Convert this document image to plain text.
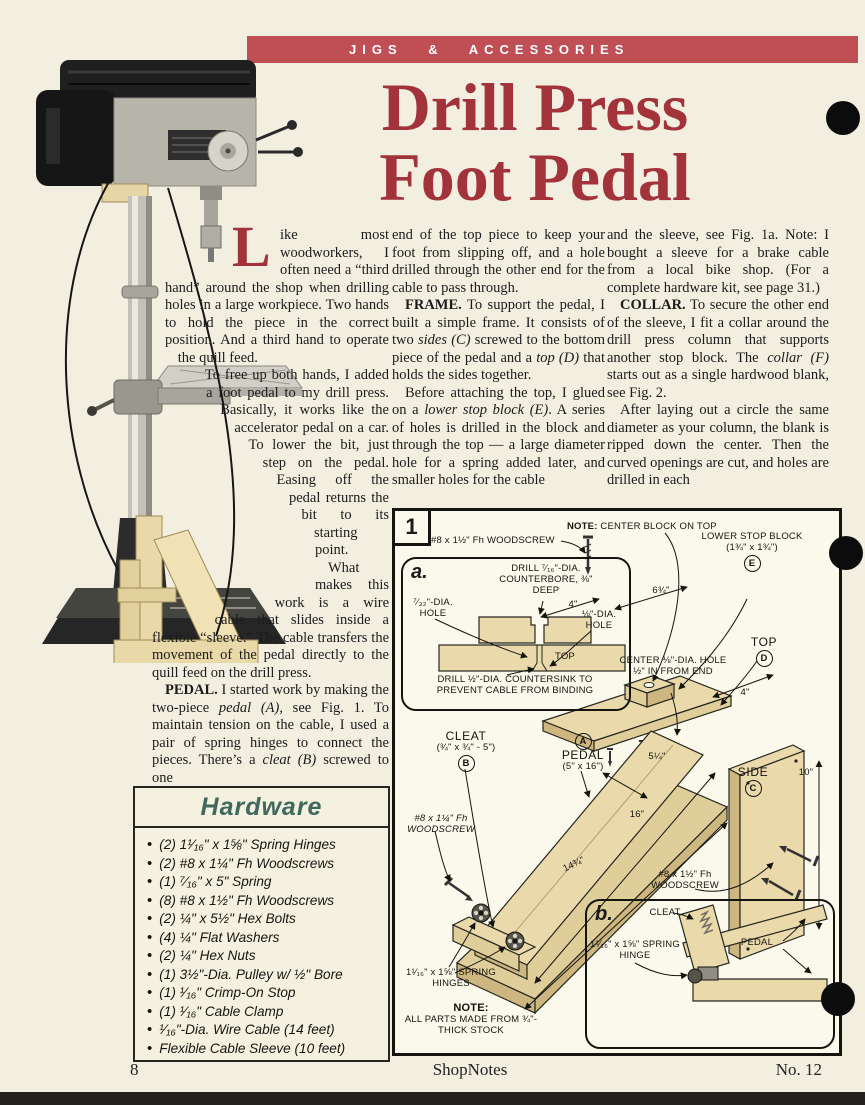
JIGS & ACCESSORIES
Drill Press
Foot Pedal
L ike most woodworkers, I often need a “third hand” around the shop when drilling holes in a large workpiece. Two hands to hold the piece in the correct position. And a third hand to operate the quill feed.

To free up both hands, I added a foot pedal to my drill press. Basically, it works like the accelerator pedal on a car. To lower the bit, just step on the pedal. Easing off the pedal returns the bit to its starting point.

What makes this work is a wire cable that slides inside a flexible “sleeve.” The cable transfers the movement of the pedal directly to the quill feed on the drill press.

PEDAL. I started work by making the two-piece pedal (A), see Fig. 1. To maintain tension on the cable, I used a pair of spring hinges to connect the pieces. There’s a cleat (B) screwed to one

end of the top piece to keep your foot from slipping off, and a hole drilled through the other end for the cable to pass through.

FRAME. To support the pedal, I built a simple frame. It consists of two sides (C) screwed to the bottom piece of the pedal and a top (D) that holds the sides together.

Before attaching the top, I glued on a lower stop block (E). A series of holes is drilled in the block and through the top — a large diameter hole for a spring added later, and smaller holes for the cable

and the sleeve, see Fig. 1a. Note: I bought a sleeve for a brake cable from a local bike shop. (For a complete hardware kit, see page 31.)

COLLAR. To secure the other end of the sleeve, I fit a collar around the drill press column that supports another stop block. The collar (F) starts out as a single hardwood blank, see Fig. 2.

After laying out a circle the same diameter as your column, the blank is ripped down the center. Then the curved openings are cut, and holes are drilled in each

Hardware
• (2) 1¹⁄₁₆" x 1⅝" Spring Hinges
• (2) #8 x 1¼" Fh Woodscrews
• (1) ⁷⁄₁₆" x 5" Spring
• (8) #8 x 1½" Fh Woodscrews
• (2) ¼" x 5½" Hex Bolts
• (4) ¼" Flat Washers
• (2) ¼" Hex Nuts
• (1) 3½"-Dia. Pulley w/ ½" Bore
• (1) ¹⁄₁₆" Crimp-On Stop
• (1) ¹⁄₁₆" Cable Clamp
• ¹⁄₁₆"-Dia. Wire Cable (14 feet)
• Flexible Cable Sleeve (10 feet)
1
a.
b.
#8 x 1½" Fh WOODSCREW
NOTE: CENTER BLOCK ON TOP
LOWER STOP BLOCK
(1¾" x 1¾")
E
TOP
D
4"
6¾"
CENTER ⅛"-DIA. HOLE ½" IN FROM END
4"
DRILL ⁷⁄₁₆"-DIA. COUNTERBORE, ⅜" DEEP
⁷⁄₃₂"-DIA. HOLE	⅛"-DIA. HOLE
TOP
DRILL ½"-DIA. COUNTERSINK TO PREVENT CABLE FROM BINDING
CLEAT
(¾" x ¾" - 5")
B
#8 x 1¼" Fh WOODSCREW
A
PEDAL
(5" x 16")
5¼"
16"
SIDE
C
10"
14¾"
#8 x 1½" Fh WOODSCREW
1¹⁄₁₆" x 1⅝" SPRING HINGES
NOTE:
ALL PARTS MADE FROM ¾"-THICK STOCK
CLEAT
1¹⁄₁₆" x 1⅝" SPRING HINGE
PEDAL
8	ShopNotes	No. 12
